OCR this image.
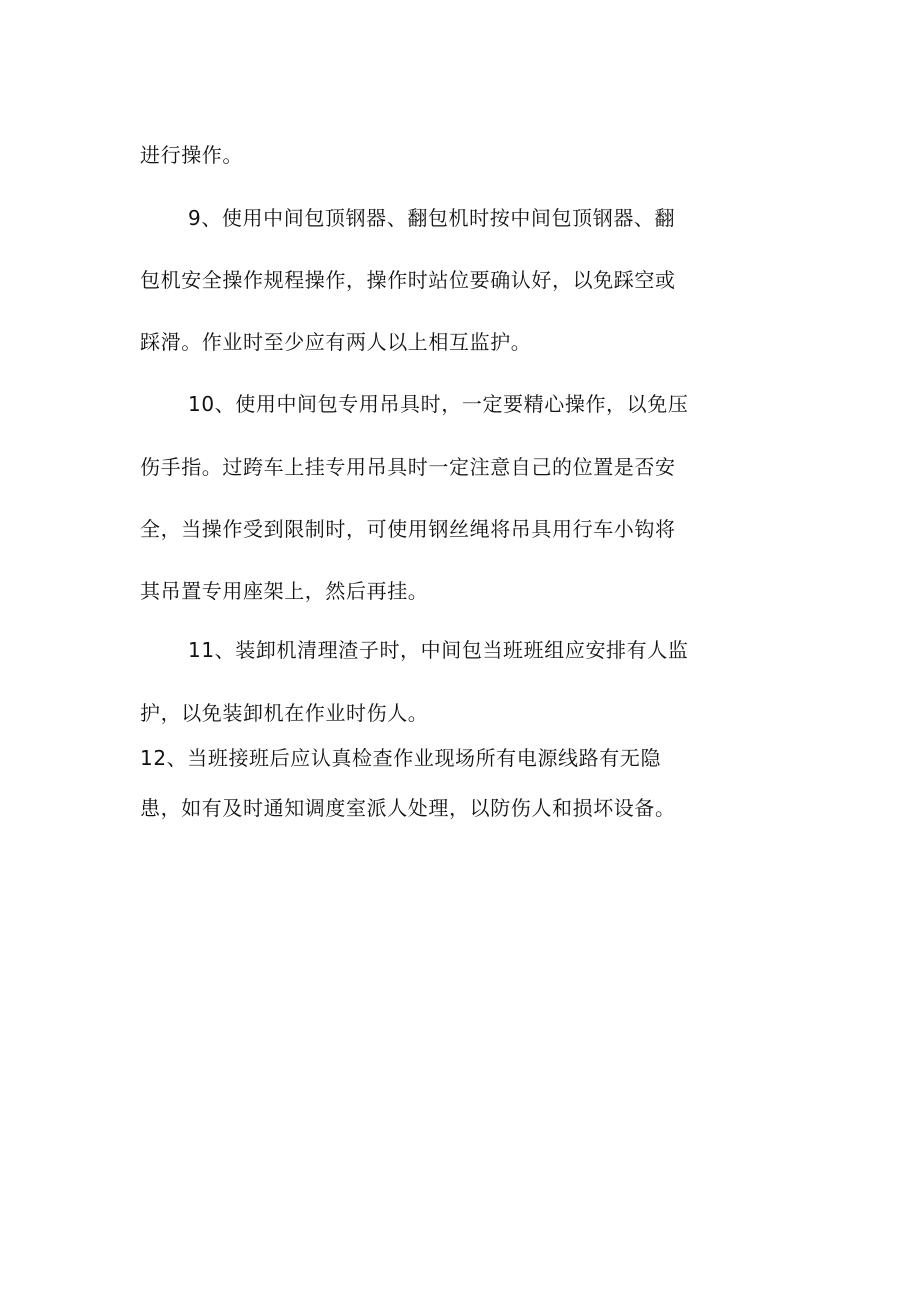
进行操作。
9、使用中间包顶钢器、翻包机时按中间包顶钢器、翻
包机安全操作规程操作，操作时站位要确认好，以免踩空或
踩滑。作业时至少应有两人以上相互监护。
10、使用中间包专用吊具时，一定要精心操作，以免压
伤手指。过跨车上挂专用吊具时一定注意自己的位置是否安
全，当操作受到限制时，可使用钢丝绳将吊具用行车小钩将
其吊置专用座架上，然后再挂。
11、装卸机清理渣子时，中间包当班班组应安排有人监
护，以免装卸机在作业时伤人。
12、当班接班后应认真检查作业现场所有电源线路有无隐
患，如有及时通知调度室派人处理，以防伤人和损坏设备。
